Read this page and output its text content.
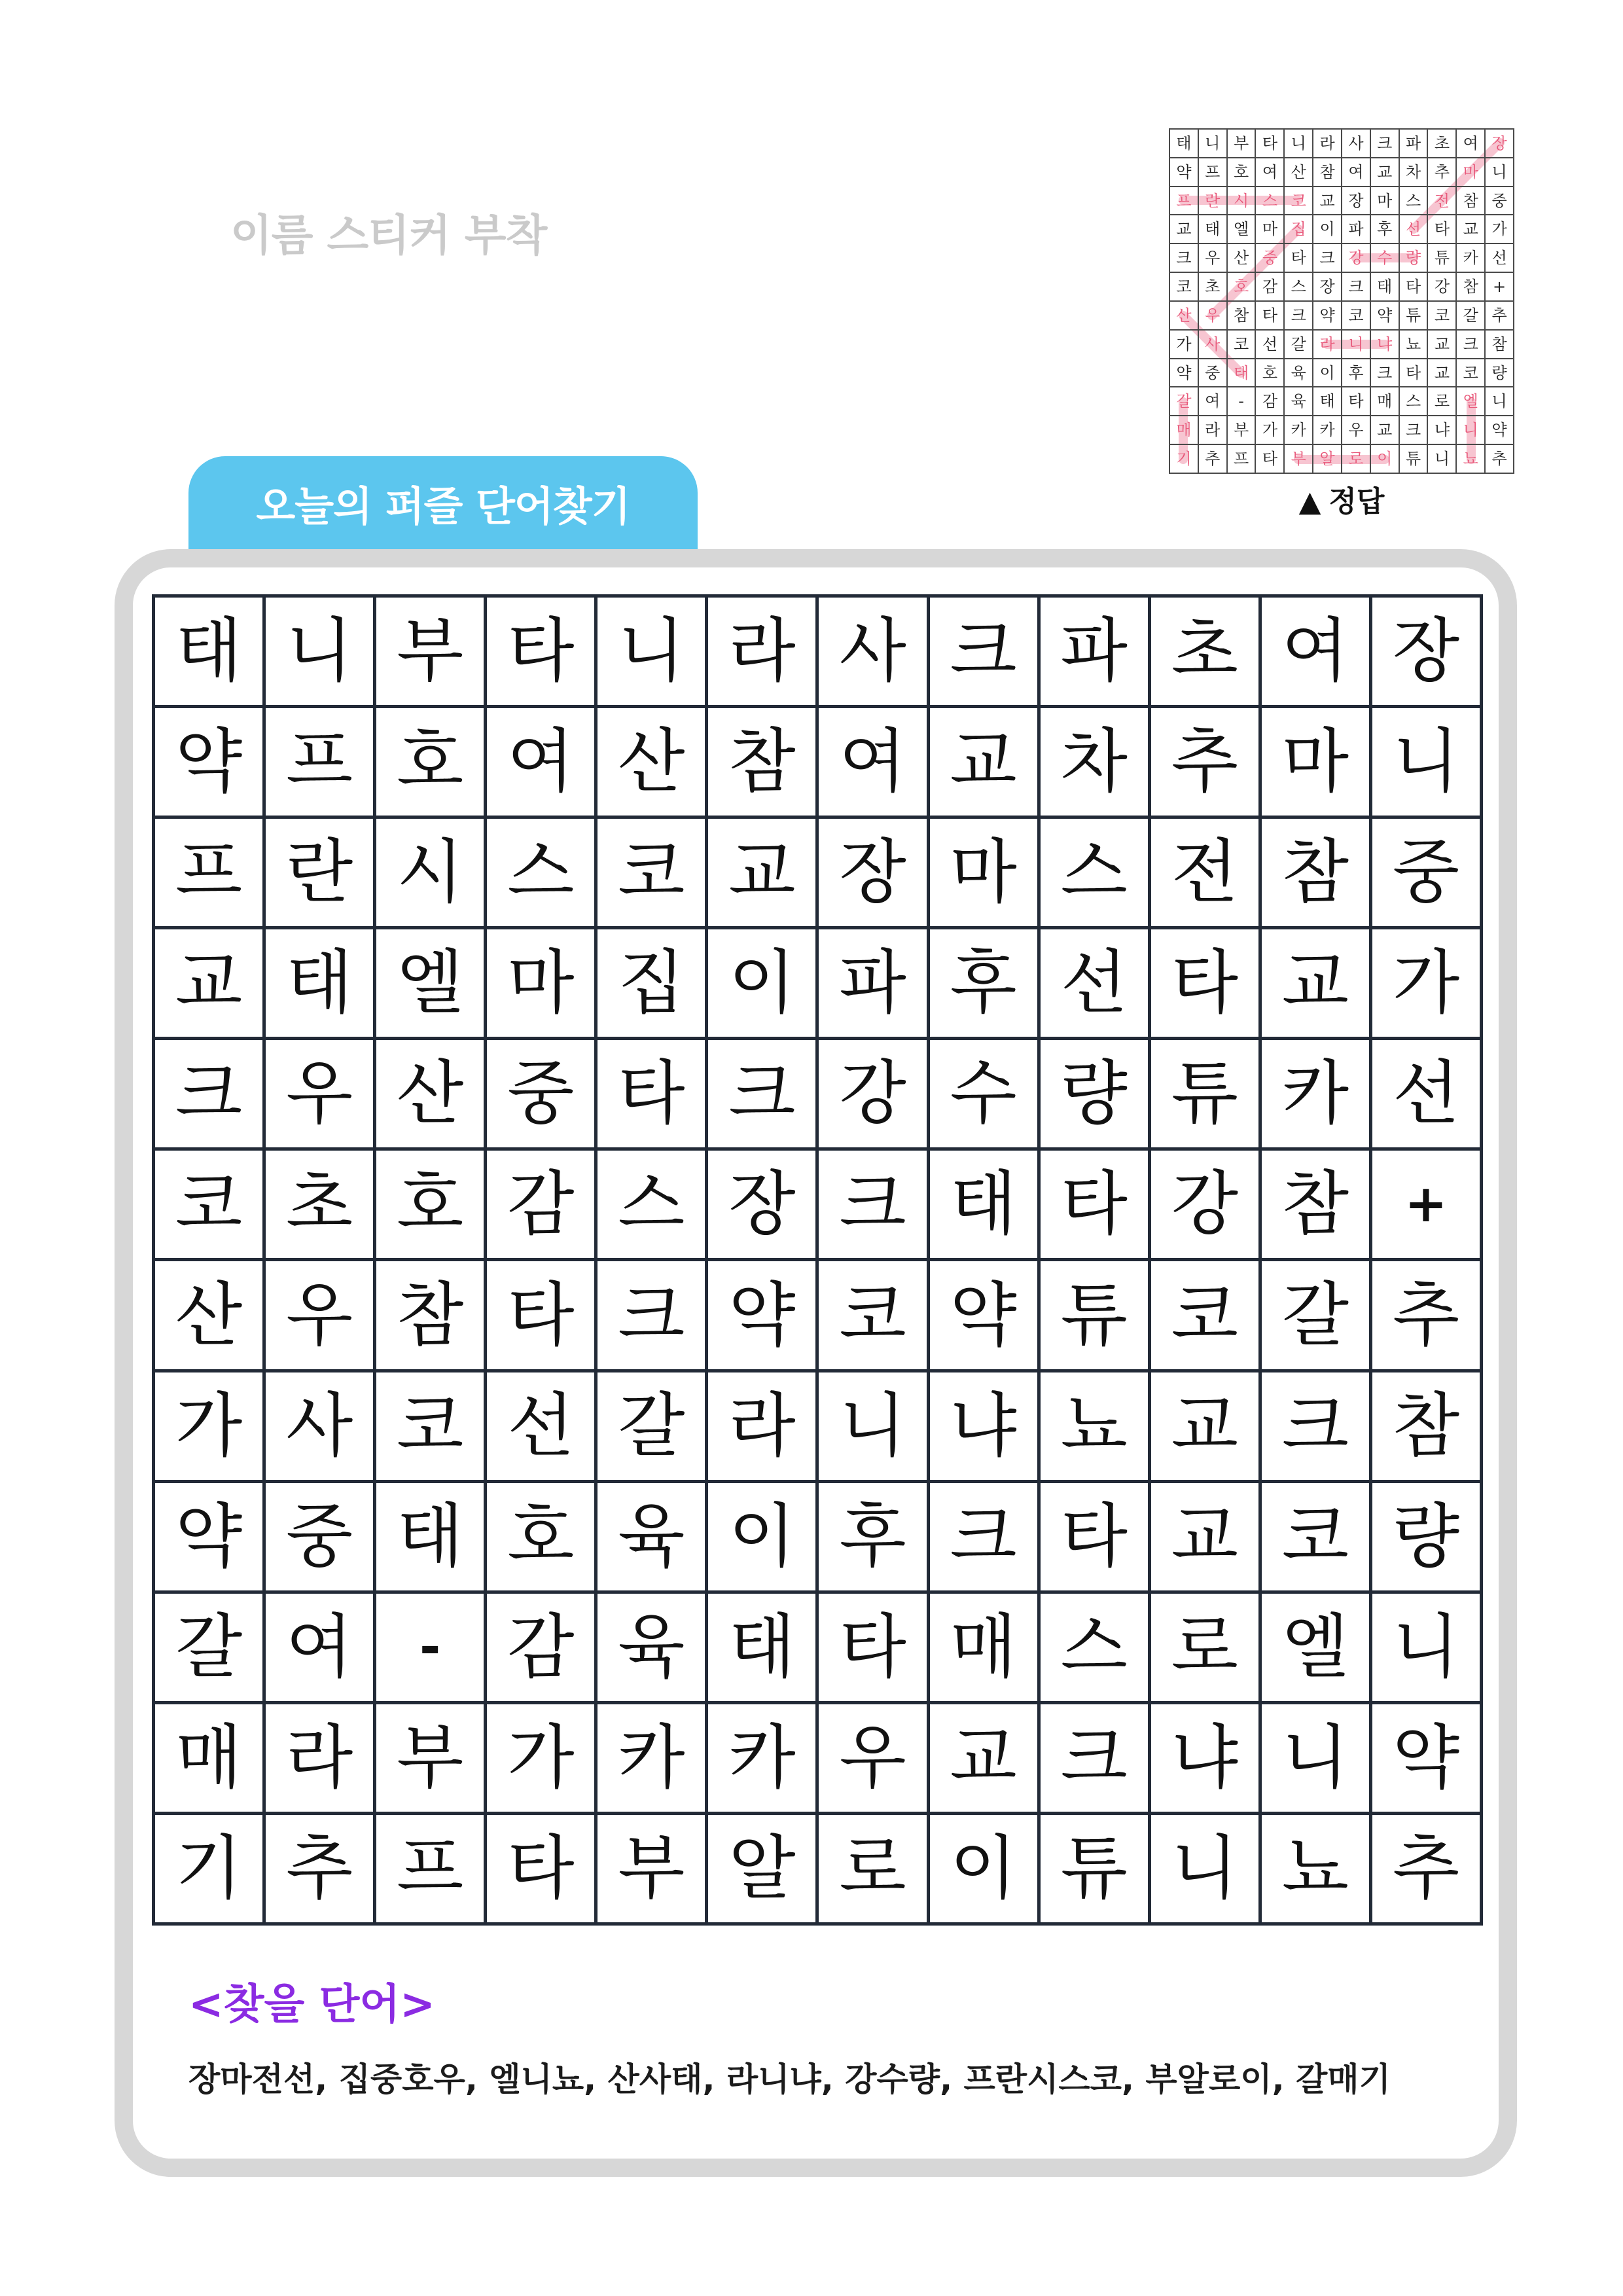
이름 스티커 부착
태 니 부 타 니 라 사 크 파 초 여 장
약 프 호 여 산 참 여 교 차 추 마 니
프 란 시 스 코 교 장 마 스 전 참 중
교 태 엘 마 집 이 파 후 선 타 교 가
크 우 산 중 타 크 강 수 량 튜 카 선
코 초 호 감 스 장 크 태 타 강 참 +
산 우 참 타 크 약 코 약 튜 코 갈 추
가 사 코 선 갈 라 니 냐 뇨 교 크 참
약 중 태 호 육 이 후 크 타 교 코 량
갈 여	-	감 육 태 타 매 스 로 엘 니
매 라 부 가 카 카 우 교 크 냐 니 약
기 추 프 타 부 알 로 이 튜 니 뇨 추
▲ 정답
오늘의 퍼즐 단어찾기
태 니 부 타 니 라 사 크 파 초 여 장
약 프 호 여 산 참 여 교 차 추 마 니
프 란 시 스 코 교 장 마 스 전 참 중
교 태 엘 마 집 이 파 후 선 타 교 가
크 우 산 중 타 크 강 수 량 튜 카 선
코 초 호 감 스 장 크 태 타 강 참	+
산 우 참 타 크 약 코 약 튜 코 갈 추
가 사 코 선 갈 라 니 냐 뇨 교 크 참
약 중 태 호 육 이 후 크 타 교 코 량
갈 여	- 감 육 태 타 매 스 로 엘 니
매 라 부 가 카 카 우 교 크 냐 니 약
기 추 프 타 부 알 로 이 튜 니 뇨 추
<찾을 단어>
장마전선, 집중호우, 엘니뇨, 산사태, 라니냐, 강수량, 프란시스코, 부알로이, 갈매기
